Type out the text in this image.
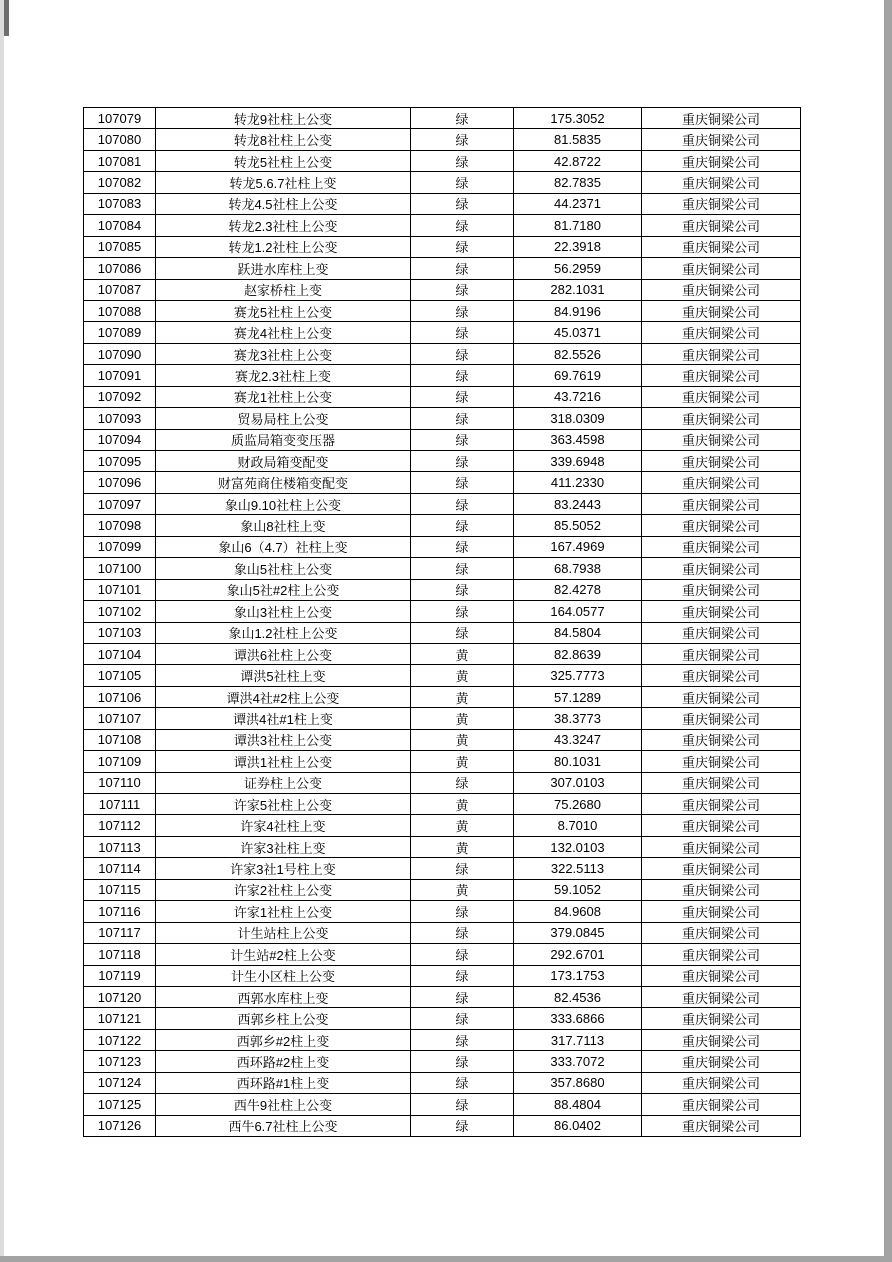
107079	转龙9社柱上公变	绿	175.3052	重庆铜梁公司
107080	转龙8社柱上公变	绿	81.5835	重庆铜梁公司
107081	转龙5社柱上公变	绿	42.8722	重庆铜梁公司
107082	转龙5.6.7社柱上变	绿	82.7835	重庆铜梁公司
107083	转龙4.5社柱上公变	绿	44.2371	重庆铜梁公司
107084	转龙2.3社柱上公变	绿	81.7180	重庆铜梁公司
107085	转龙1.2社柱上公变	绿	22.3918	重庆铜梁公司
107086	跃进水库柱上变	绿	56.2959	重庆铜梁公司
107087	赵家桥柱上变	绿	282.1031	重庆铜梁公司
107088	赛龙5社柱上公变	绿	84.9196	重庆铜梁公司
107089	赛龙4社柱上公变	绿	45.0371	重庆铜梁公司
107090	赛龙3社柱上公变	绿	82.5526	重庆铜梁公司
107091	赛龙2.3社柱上变	绿	69.7619	重庆铜梁公司
107092	赛龙1社柱上公变	绿	43.7216	重庆铜梁公司
107093	贸易局柱上公变	绿	318.0309	重庆铜梁公司
107094	质监局箱变变压器	绿	363.4598	重庆铜梁公司
107095	财政局箱变配变	绿	339.6948	重庆铜梁公司
107096	财富苑商住楼箱变配变	绿	411.2330	重庆铜梁公司
107097	象山9.10社柱上公变	绿	83.2443	重庆铜梁公司
107098	象山8社柱上变	绿	85.5052	重庆铜梁公司
107099	象山6（4.7）社柱上变	绿	167.4969	重庆铜梁公司
107100	象山5社柱上公变	绿	68.7938	重庆铜梁公司
107101	象山5社#2柱上公变	绿	82.4278	重庆铜梁公司
107102	象山3社柱上公变	绿	164.0577	重庆铜梁公司
107103	象山1.2社柱上公变	绿	84.5804	重庆铜梁公司
107104	谭洪6社柱上公变	黄	82.8639	重庆铜梁公司
107105	谭洪5社柱上变	黄	325.7773	重庆铜梁公司
107106	谭洪4社#2柱上公变	黄	57.1289	重庆铜梁公司
107107	谭洪4社#1柱上变	黄	38.3773	重庆铜梁公司
107108	谭洪3社柱上公变	黄	43.3247	重庆铜梁公司
107109	谭洪1社柱上公变	黄	80.1031	重庆铜梁公司
107110	证券柱上公变	绿	307.0103	重庆铜梁公司
107111	许家5社柱上公变	黄	75.2680	重庆铜梁公司
107112	许家4社柱上变	黄	8.7010	重庆铜梁公司
107113	许家3社柱上变	黄	132.0103	重庆铜梁公司
107114	许家3社1号柱上变	绿	322.5113	重庆铜梁公司
107115	许家2社柱上公变	黄	59.1052	重庆铜梁公司
107116	许家1社柱上公变	绿	84.9608	重庆铜梁公司
107117	计生站柱上公变	绿	379.0845	重庆铜梁公司
107118	计生站#2柱上公变	绿	292.6701	重庆铜梁公司
107119	计生小区柱上公变	绿	173.1753	重庆铜梁公司
107120	西郭水库柱上变	绿	82.4536	重庆铜梁公司
107121	西郭乡柱上公变	绿	333.6866	重庆铜梁公司
107122	西郭乡#2柱上变	绿	317.7113	重庆铜梁公司
107123	西环路#2柱上变	绿	333.7072	重庆铜梁公司
107124	西环路#1柱上变	绿	357.8680	重庆铜梁公司
107125	西牛9社柱上公变	绿	88.4804	重庆铜梁公司
107126	西牛6.7社柱上公变	绿	86.0402	重庆铜梁公司
